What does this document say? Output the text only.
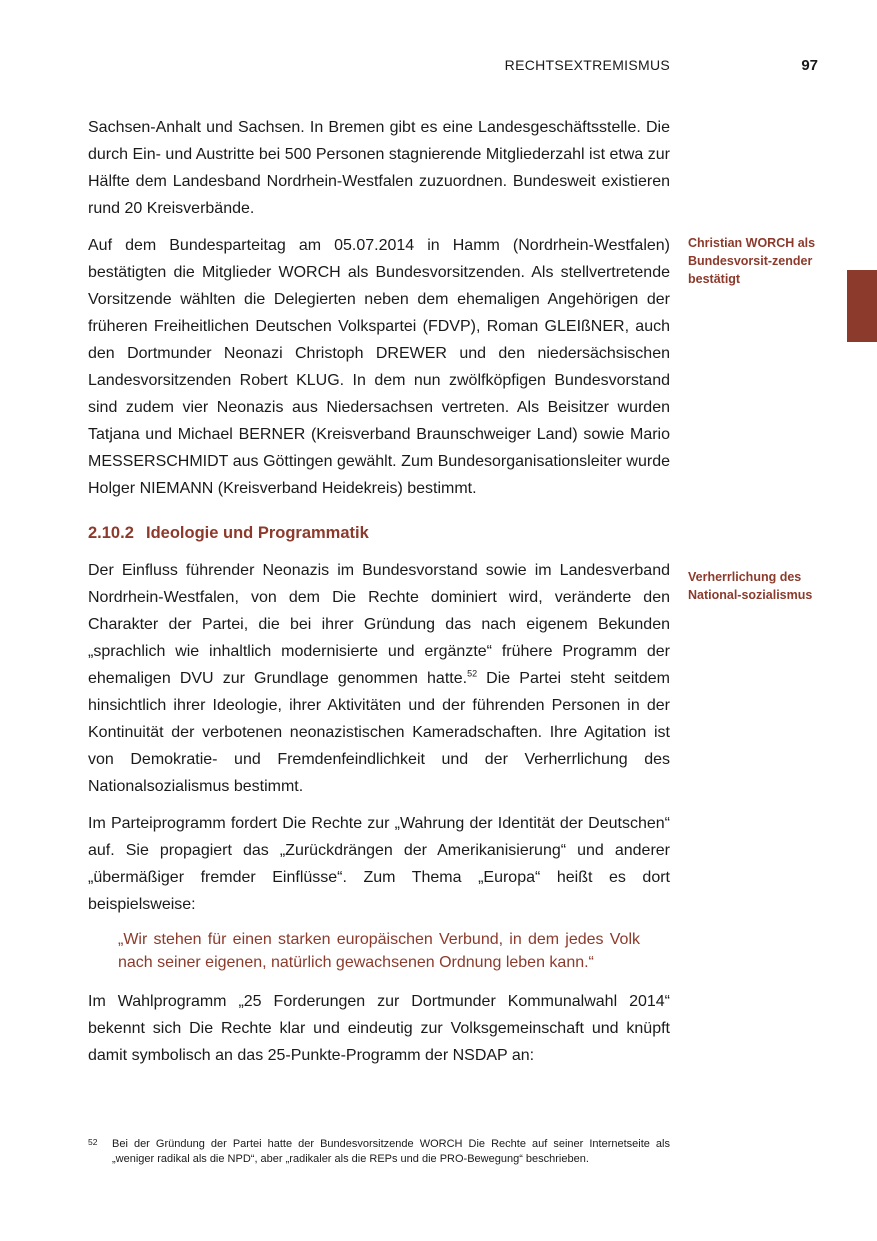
RECHTSEXTREMISMUS	97

Sachsen-Anhalt und Sachsen. In Bremen gibt es eine Landesgeschäftsstelle. Die durch Ein- und Austritte bei 500 Personen stagnierende Mitgliederzahl ist etwa zur Hälfte dem Landesband Nordrhein-Westfalen zuzuordnen. Bundesweit existieren rund 20 Kreisverbände.

Auf dem Bundesparteitag am 05.07.2014 in Hamm (Nordrhein-Westfalen) bestätigten die Mitglieder WORCH als Bundesvorsitzenden. Als stellvertretende Vorsitzende wählten die Delegierten neben dem ehemaligen Angehörigen der früheren Freiheitlichen Deutschen Volkspartei (FDVP), Roman GLEIßNER, auch den Dortmunder Neonazi Christoph DREWER und den niedersächsischen Landesvorsitzenden Robert KLUG. In dem nun zwölfköpfigen Bundesvorstand sind zudem vier Neonazis aus Niedersachsen vertreten. Als Beisitzer wurden Tatjana und Michael BERNER (Kreisverband Braunschweiger Land) sowie Mario MESSERSCHMIDT aus Göttingen gewählt. Zum Bundesorganisationsleiter wurde Holger NIEMANN (Kreisverband Heidekreis) bestimmt.

2.10.2 Ideologie und Programmatik

Der Einfluss führender Neonazis im Bundesvorstand sowie im Landesverband Nordrhein-Westfalen, von dem Die Rechte dominiert wird, veränderte den Charakter der Partei, die bei ihrer Gründung das nach eigenem Bekunden „sprachlich wie inhaltlich modernisierte und ergänzte“ frühere Programm der ehemaligen DVU zur Grundlage genommen hatte.$^{52}$ Die Partei steht seitdem hinsichtlich ihrer Ideologie, ihrer Aktivitäten und der führenden Personen in der Kontinuität der verbotenen neonazistischen Kameradschaften. Ihre Agitation ist von Demokratie- und Fremdenfeindlichkeit und der Verherrlichung des Nationalsozialismus bestimmt.

Im Parteiprogramm fordert Die Rechte zur „Wahrung der Identität der Deutschen“ auf. Sie propagiert das „Zurückdrängen der Amerikanisierung“ und anderer „übermäßiger fremder Einflüsse“. Zum Thema „Europa“ heißt es dort beispielsweise:

„Wir stehen für einen starken europäischen Verbund, in dem jedes Volk nach seiner eigenen, natürlich gewachsenen Ordnung leben kann.“

Im Wahlprogramm „25 Forderungen zur Dortmunder Kommunalwahl 2014“ bekennt sich Die Rechte klar und eindeutig zur Volksgemeinschaft und knüpft damit symbolisch an das 25-Punkte-Programm der NSDAP an:

Christian WORCH als Bundesvorsit-zender bestätigt
Verherrlichung des National-sozialismus
52 Bei der Gründung der Partei hatte der Bundesvorsitzende WORCH Die Rechte auf seiner Internetseite als „weniger radikal als die NPD“, aber „radikaler als die REPs und die PRO-Bewegung“ beschrieben.
